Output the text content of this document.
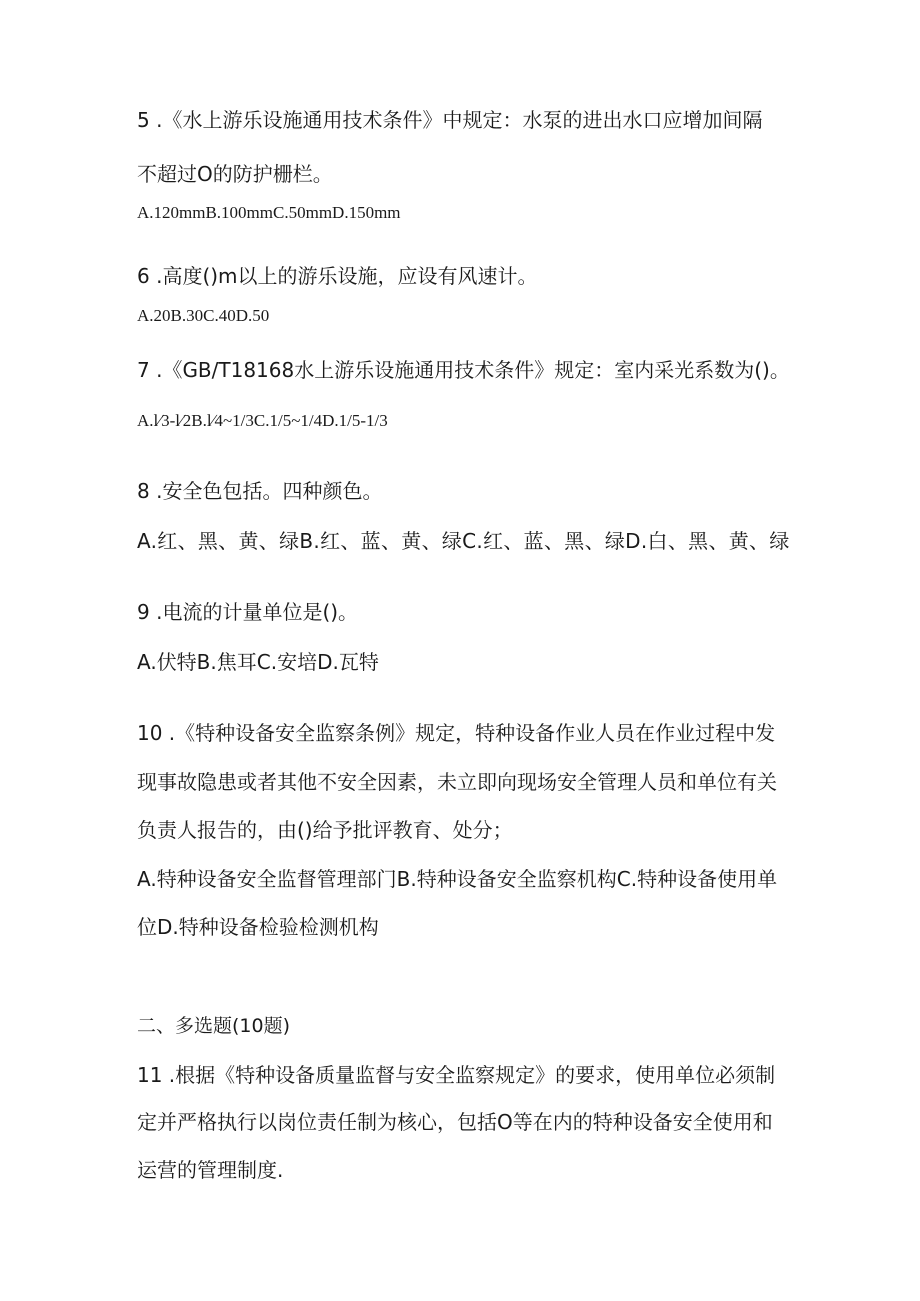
5 .《水上游乐设施通用技术条件》中规定：水泵的进出水口应增加间隔
不超过O的防护栅栏。
A.120mmB.100mmC.50mmD.150mm
6 .高度()m以上的游乐设施，应设有风速计。
A.20B.30C.40D.50
7 .《GB/T18168水上游乐设施通用技术条件》规定：室内采光系数为()。
A.l∕3-l∕2B.l∕4~1/3C.1/5~1/4D.1/5-1/3
8 .安全色包括。四种颜色。
A.红、黑、黄、绿B.红、蓝、黄、绿C.红、蓝、黑、绿D.白、黑、黄、绿
9 .电流的计量单位是()。
A.伏特B.焦耳C.安培D.瓦特
10 .《特种设备安全监察条例》规定，特种设备作业人员在作业过程中发
现事故隐患或者其他不安全因素，未立即向现场安全管理人员和单位有关
负责人报告的，由()给予批评教育、处分；
A.特种设备安全监督管理部门B.特种设备安全监察机构C.特种设备使用单
位D.特种设备检验检测机构
二、多选题(10题)
11 .根据《特种设备质量监督与安全监察规定》的要求，使用单位必须制
定并严格执行以岗位责任制为核心，包括O等在内的特种设备安全使用和
运营的管理制度.
